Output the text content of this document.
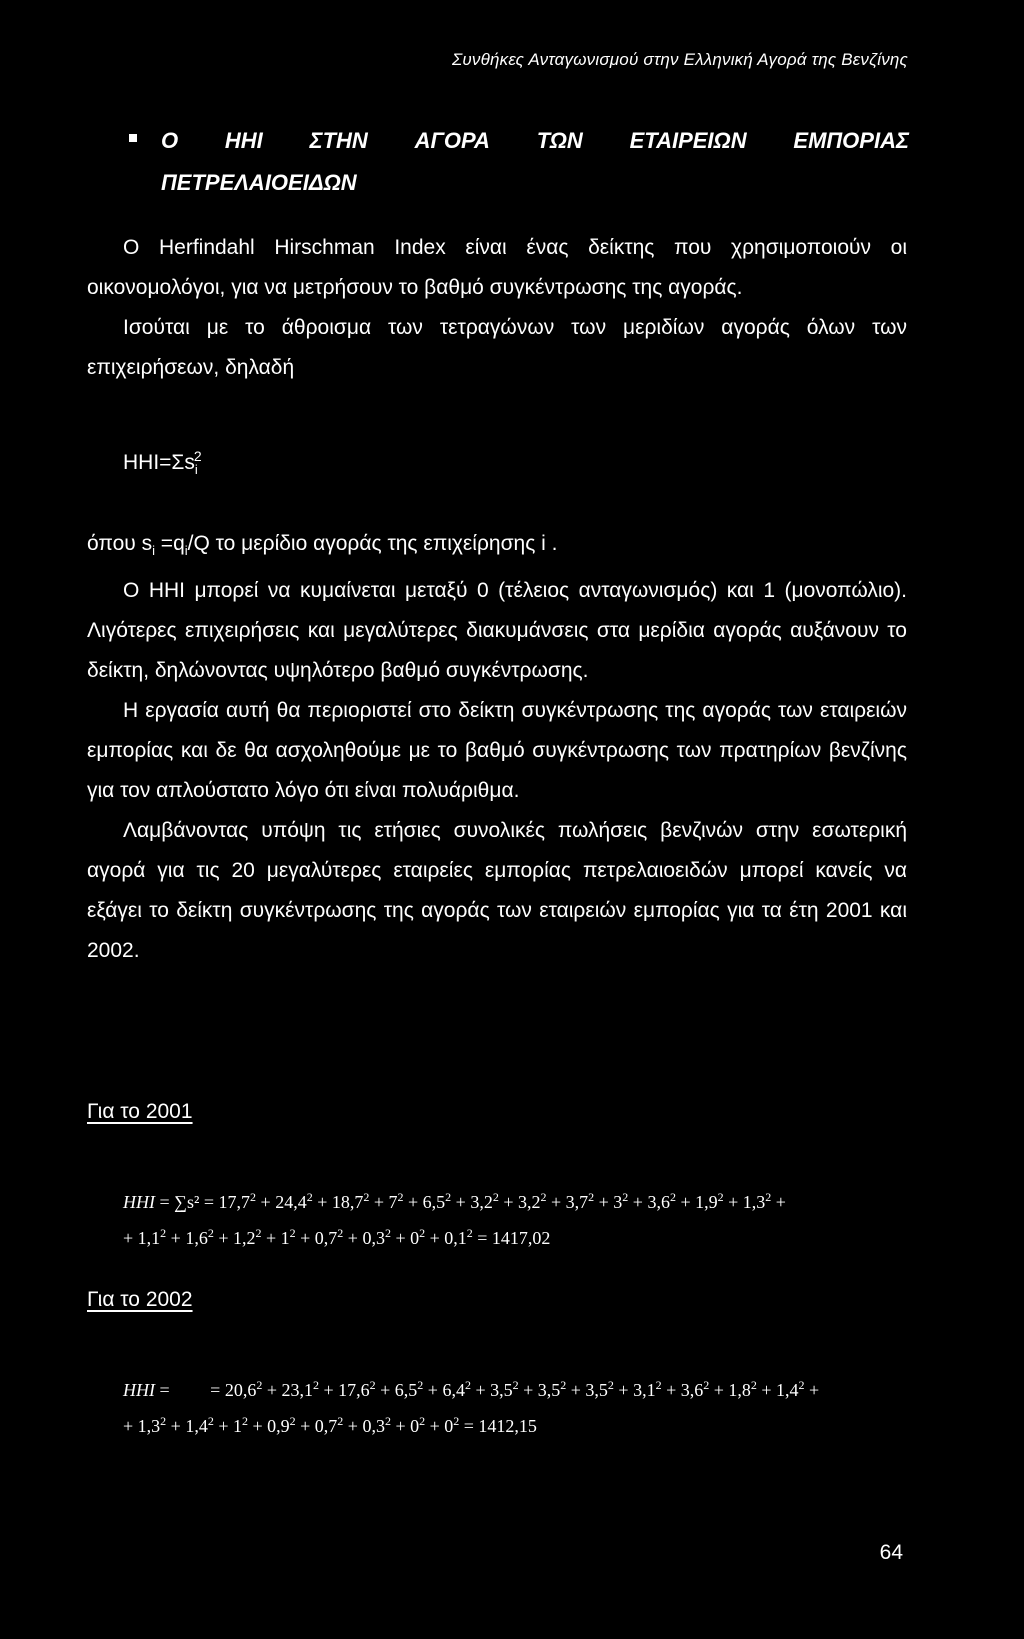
Συνθήκες Ανταγωνισμού στην Ελληνική Αγορά της Βενζίνης
Ο ΗΗΙ ΣΤΗΝ ΑΓΟΡΑ ΤΩΝ ΕΤΑΙΡΕΙΩΝ ΕΜΠΟΡΙΑΣ
ΠΕΤΡΕΛΑΙΟΕΙΔΩΝ

Ο Herfindahl Hirschman Index είναι ένας δείκτης που χρησιμοποιούν οι οικονομολόγοι, για να μετρήσουν το βαθμό συγκέντρωσης της αγοράς.

Ισούται με το άθροισμα των τετραγώνων των μεριδίων αγοράς όλων των επιχειρήσεων, δηλαδή

$HHI=\Sigma s_i^2$

όπου $s_i =q_i/Q$ το μερίδιο αγοράς της επιχείρησης i .

Ο ΗΗΙ μπορεί να κυμαίνεται μεταξύ 0 (τέλειος ανταγωνισμός) και 1 (μονοπώλιο). Λιγότερες επιχειρήσεις και μεγαλύτερες διακυμάνσεις στα μερίδια αγοράς αυξάνουν το δείκτη, δηλώνοντας υψηλότερο βαθμό συγκέντρωσης.

Η εργασία αυτή θα περιοριστεί στο δείκτη συγκέντρωσης της αγοράς των εταιρειών εμπορίας και δε θα ασχοληθούμε με το βαθμό συγκέντρωσης των πρατηρίων βενζίνης για τον απλούστατο λόγο ότι είναι πολυάριθμα.

Λαμβάνοντας υπόψη τις ετήσιες συνολικές πωλήσεις βενζινών στην εσωτερική αγορά για τις 20 μεγαλύτερες εταιρείες εμπορίας πετρελαιοειδών μπορεί κανείς να εξάγει το δείκτη συγκέντρωσης της αγοράς των εταιρειών εμπορίας για τα έτη 2001 και 2002.

Για το 2001
HHI = $\sum s^2 = 17,7^2 + 24,4^2 + 18,7^2 + 7^2 + 6,5^2 + 3,2^2 + 3,2^2 + 3,7^2 + 3^2 + 3,6^2 + 1,9^2 + 1,3^2$ +
+ $1,1^2 + 1,6^2 + 1,2^2 + 1^2 + 0,7^2 + 0,3^2 + 0^2 + 0,1^2 = 1417,02$
Για το 2002
HHI =         = $20,6^2 + 23,1^2 + 17,6^2 + 6,5^2 + 6,4^2 + 3,5^2 + 3,5^2 + 3,5^2 + 3,1^2 + 3,6^2 + 1,8^2 + 1,4^2$ +
+ $1,3^2 + 1,4^2 + 1^2 + 0,9^2 + 0,7^2 + 0,3^2 + 0^2 + 0^2 = 1412,15$
64
